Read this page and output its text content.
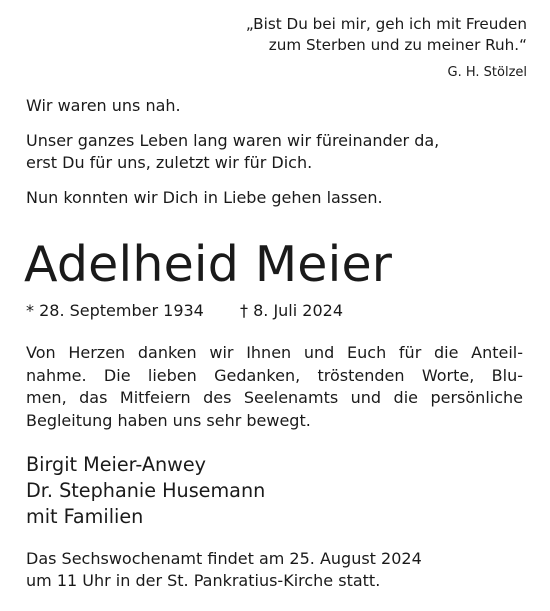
„Bist Du bei mir, geh ich mit Freuden
zum Sterben und zu meiner Ruh.“
G. H. Stölzel
Wir waren uns nah.
Unser ganzes Leben lang waren wir füreinander da,
erst Du für uns, zuletzt wir für Dich.
Nun konnten wir Dich in Liebe gehen lassen.
Adelheid Meier
* 28. September 1934 † 8. Juli 2024
Von Herzen danken wir Ihnen und Euch für die Anteil-
nahme. Die lieben Gedanken, tröstenden Worte, Blu-
men, das Mitfeiern des Seelenamts und die persönliche
Begleitung haben uns sehr bewegt.
Birgit Meier-Anwey
Dr. Stephanie Husemann
mit Familien
Das Sechswochenamt findet am 25. August 2024
um 11 Uhr in der St. Pankratius-Kirche statt.
